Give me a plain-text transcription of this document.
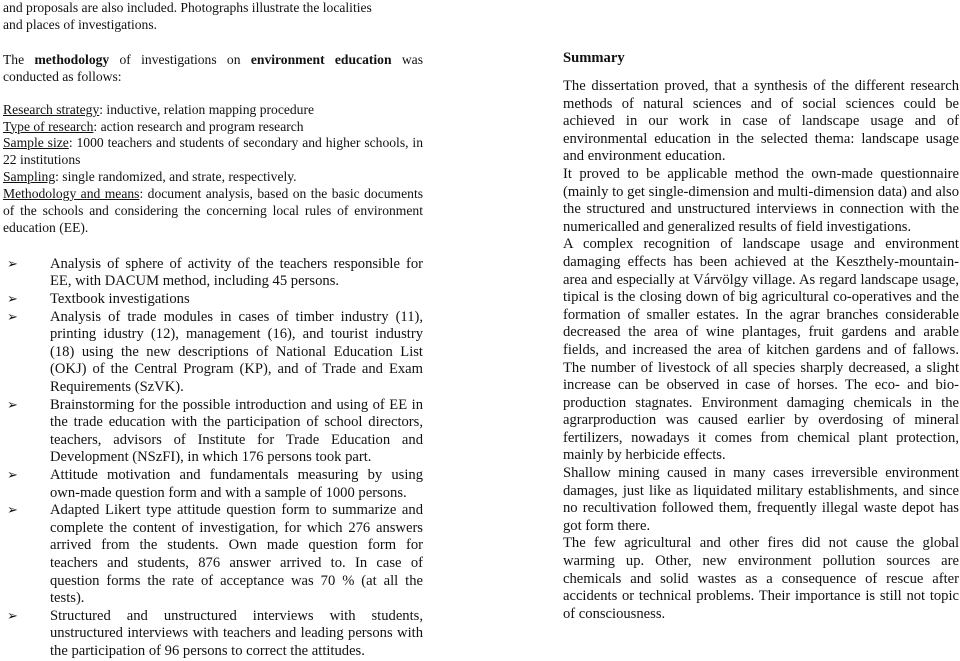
and proposals are also included. Photographs illustrate the localities

and places of investigations.

The methodology of investigations on environment education was conducted as follows:

Research strategy: inductive, relation mapping procedure

Type of research: action research and program research

Sample size: 1000 teachers and students of secondary and higher schools, in 22 institutions

Sampling: single randomized, and strate, respectively.

Methodology and means: document analysis, based on the basic documents of the schools and considering the concerning local rules of environment education (EE).

➢ Analysis of sphere of activity of the teachers responsible for EE, with DACUM method, including 45 persons.
➢ Textbook investigations
➢ Analysis of trade modules in cases of timber industry (11), printing idustry (12), management (16), and tourist industry (18) using the new descriptions of National Education List (OKJ) of the Central Program (KP), and of Trade and Exam Requirements (SzVK).
➢ Brainstorming for the possible introduction and using of EE in the trade education with the participation of school directors, teachers, advisors of Institute for Trade Education and Development (NSzFI), in which 176 persons took part.
➢ Attitude motivation and fundamentals measuring by using own-made question form and with a sample of 1000 persons.
➢ Adapted Likert type attitude question form to summarize and complete the content of investigation, for which 276 answers arrived from the students. Own made question form for teachers and students, 876 answer arrived to. In case of question forms the rate of acceptance was 70 % (at all the tests).
➢ Structured and unstructured interviews with students, unstructured interviews with teachers and leading persons with the participation of 96 persons to correct the attitudes.
Summary

The dissertation proved, that a synthesis of the different research methods of natural sciences and of social sciences could be achieved in our work in case of landscape usage and of environmental education in the selected thema: landscape usage and environment education.

It proved to be applicable method the own-made questionnaire (mainly to get single-dimension and multi-dimension data) and also the structured and unstructured interviews in connection with the numericalled and generalized results of field investigations.

A complex recognition of landscape usage and environment damaging effects has been achieved at the Keszthely-mountain-area and especially at Várvölgy village. As regard landscape usage, tipical is the closing down of big agricultural co-operatives and the formation of smaller estates. In the agrar branches considerable decreased the area of wine plantages, fruit gardens and arable fields, and increased the area of kitchen gardens and of fallows. The number of livestock of all species sharply decreased, a slight increase can be observed in case of horses. The eco- and bio-production stagnates. Environment damaging chemicals in the agrarproduction was caused earlier by overdosing of mineral fertilizers, nowadays it comes from chemical plant protection, mainly by herbicide effects.

Shallow mining caused in many cases irreversible environment damages, just like as liquidated military establishments, and since no recultivation followed them, frequently illegal waste depot has got form there.

The few agricultural and other fires did not cause the global warming up. Other, new environment pollution sources are chemicals and solid wastes as a consequence of rescue after accidents or technical problems. Their importance is still not topic of consciousness.
